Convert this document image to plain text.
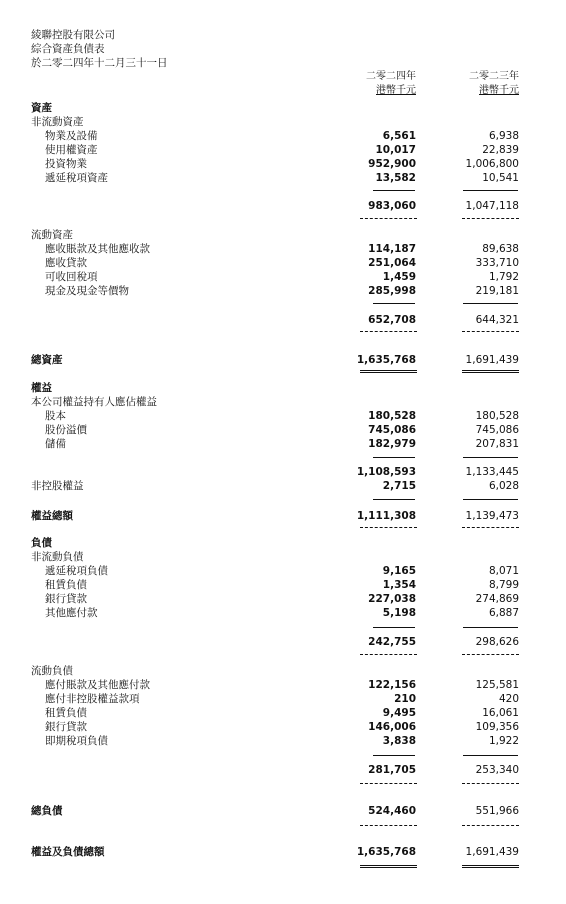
綾聯控股有限公司
綜合資產負債表
於二零二四年十二月三十一日
二零二四年
港幣千元
二零二三年
港幣千元
資產
非流動資產
物業及設備	6,561	6,938
使用權資產	10,017	22,839
投資物業	952,900	1,006,800
遞延稅項資產	13,582	10,541
983,060	1,047,118
流動資產
應收賬款及其他應收款	114,187	89,638
應收貸款	251,064	333,710
可收回稅項	1,459	1,792
現金及現金等價物	285,998	219,181
652,708	644,321
總資產	1,635,768	1,691,439
權益
本公司權益持有人應佔權益
股本	180,528	180,528
股份溢價	745,086	745,086
儲備	182,979	207,831
1,108,593	1,133,445
非控股權益	2,715	6,028
權益總額	1,111,308	1,139,473
負債
非流動負債
遞延稅項負債	9,165	8,071
租賃負債	1,354	8,799
銀行貸款	227,038	274,869
其他應付款	5,198	6,887
242,755	298,626
流動負債
應付賬款及其他應付款	122,156	125,581
應付非控股權益款項	210	420
租賃負債	9,495	16,061
銀行貸款	146,006	109,356
即期稅項負債	3,838	1,922
281,705	253,340
總負債	524,460	551,966
權益及負債總額	1,635,768	1,691,439
